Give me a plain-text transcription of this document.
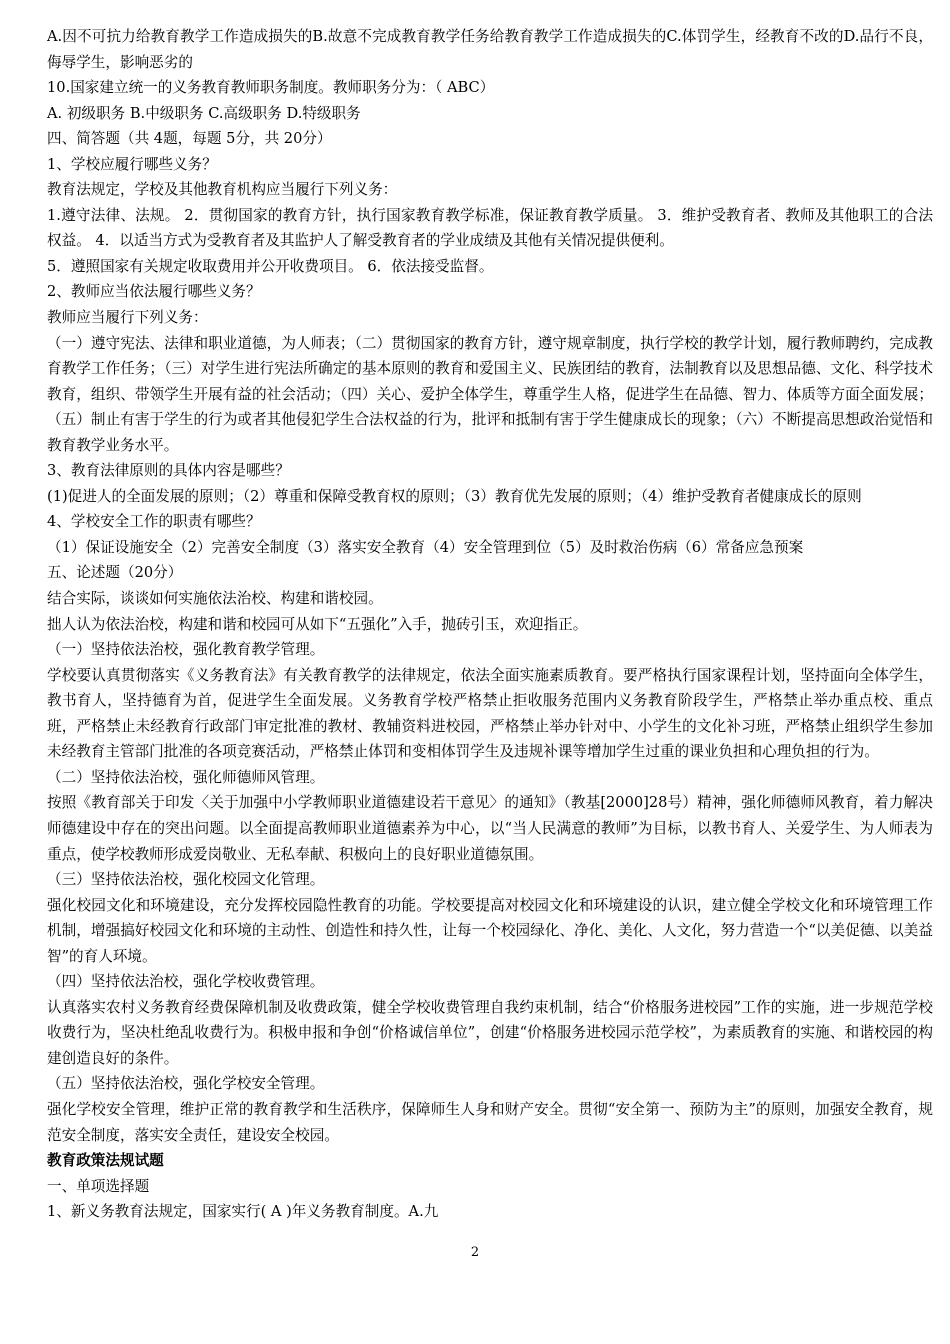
A.因不可抗力给教育教学工作造成损失的B.故意不完成教育教学任务给教育教学工作造成损失的C.体罚学生，经教育不改的D.品行不良，侮辱学生，影响恶劣的

10.国家建立统一的义务教育教师职务制度。教师职务分为：（ ABC）

A. 初级职务 B.中级职务 C.高级职务 D.特级职务

四、简答题（共 4题，每题 5分，共 20分）

1、学校应履行哪些义务？

教育法规定，学校及其他教育机构应当履行下列义务：

1.遵守法律、法规。 2．贯彻国家的教育方针，执行国家教育教学标准，保证教育教学质量。 3．维护受教育者、教师及其他职工的合法权益。 4．以适当方式为受教育者及其监护人了解受教育者的学业成绩及其他有关情况提供便利。

5．遵照国家有关规定收取费用并公开收费项目。 6．依法接受监督。

2、教师应当依法履行哪些义务？

教师应当履行下列义务：

（一）遵守宪法、法律和职业道德，为人师表；（二）贯彻国家的教育方针，遵守规章制度，执行学校的教学计划，履行教师聘约，完成教育教学工作任务；（三）对学生进行宪法所确定的基本原则的教育和爱国主义、民族团结的教育，法制教育以及思想品德、文化、科学技术教育，组织、带领学生开展有益的社会活动；（四）关心、爱护全体学生，尊重学生人格，促进学生在品德、智力、体质等方面全面发展；（五）制止有害于学生的行为或者其他侵犯学生合法权益的行为，批评和抵制有害于学生健康成长的现象；（六）不断提高思想政治觉悟和教育教学业务水平。

3、教育法律原则的具体内容是哪些？

(1)促进人的全面发展的原则；（2）尊重和保障受教育权的原则；（3）教育优先发展的原则；（4）维护受教育者健康成长的原则

4、学校安全工作的职责有哪些？

（1）保证设施安全（2）完善安全制度（3）落实安全教育（4）安全管理到位（5）及时救治伤病（6）常备应急预案

五、论述题（20分）

结合实际，谈谈如何实施依法治校、构建和谐校园。

拙人认为依法治校，构建和谐和校园可从如下“五强化”入手，抛砖引玉，欢迎指正。

（一）坚持依法治校，强化教育教学管理。

学校要认真贯彻落实《义务教育法》有关教育教学的法律规定，依法全面实施素质教育。要严格执行国家课程计划，坚持面向全体学生，教书育人，坚持德育为首，促进学生全面发展。义务教育学校严格禁止拒收服务范围内义务教育阶段学生，严格禁止举办重点校、重点班，严格禁止未经教育行政部门审定批准的教材、教辅资料进校园，严格禁止举办针对中、小学生的文化补习班，严格禁止组织学生参加未经教育主管部门批准的各项竞赛活动，严格禁止体罚和变相体罚学生及违规补课等增加学生过重的课业负担和心理负担的行为。

（二）坚持依法治校，强化师德师风管理。

按照《教育部关于印发〈关于加强中小学教师职业道德建设若干意见〉的通知》（教基[2000]28号）精神，强化师德师风教育，着力解决师德建设中存在的突出问题。以全面提高教师职业道德素养为中心，以“当人民满意的教师”为目标，以教书育人、关爱学生、为人师表为重点，使学校教师形成爱岗敬业、无私奉献、积极向上的良好职业道德氛围。

（三）坚持依法治校，强化校园文化管理。

强化校园文化和环境建设，充分发挥校园隐性教育的功能。学校要提高对校园文化和环境建设的认识，建立健全学校文化和环境管理工作机制，增强搞好校园文化和环境的主动性、创造性和持久性，让每一个校园绿化、净化、美化、人文化，努力营造一个“以美促德、以美益智”的育人环境。

（四）坚持依法治校，强化学校收费管理。

认真落实农村义务教育经费保障机制及收费政策，健全学校收费管理自我约束机制，结合“价格服务进校园”工作的实施，进一步规范学校收费行为，坚决杜绝乱收费行为。积极申报和争创“价格诚信单位”，创建“价格服务进校园示范学校”，为素质教育的实施、和谐校园的构建创造良好的条件。

（五）坚持依法治校，强化学校安全管理。

强化学校安全管理，维护正常的教育教学和生活秩序，保障师生人身和财产安全。贯彻“安全第一、预防为主”的原则，加强安全教育，规范安全制度，落实安全责任，建设安全校园。

教育政策法规试题

一、单项选择题

1、新义务教育法规定，国家实行( A )年义务教育制度。A.九

2
